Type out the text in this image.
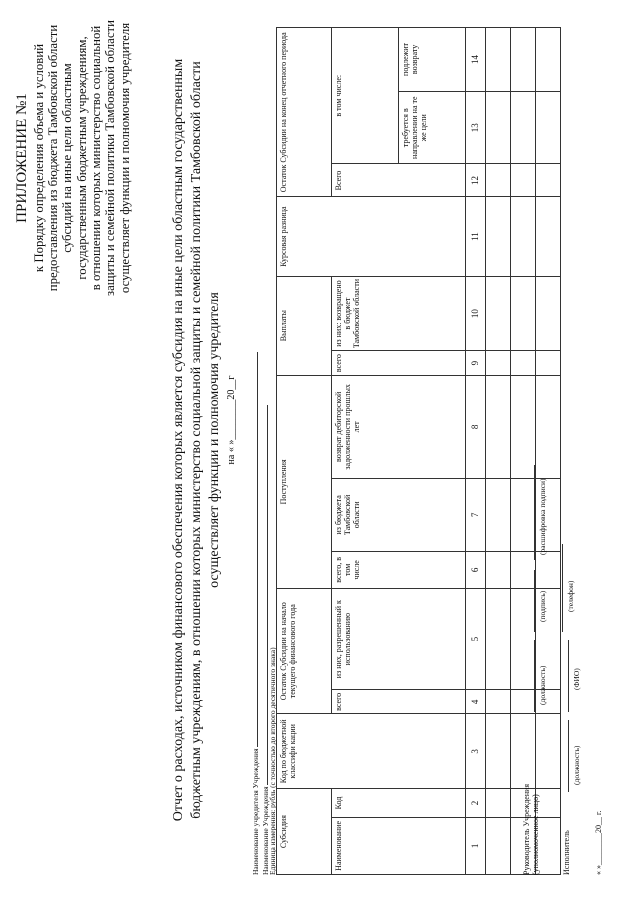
ПРИЛОЖЕНИЕ №1 к Порядку определения объема и условий предоставления из бюджета Тамбовской области субсидий на иные цели областным государственным бюджетным учреждениям, в отношении которых министерство социальной защиты и семейной политики Тамбовской области осуществляет функции и полномочия учредителя	Отчет о расходах, источником финансового обеспечения которых является субсидия на иные цели областным государственным бюджетным учреждениям, в отношении которых министерство социальной защиты и семейной политики Тамбовской области осуществляет функции и полномочия учредителя на « »________20__г
Наименование учредителя Учреждения Наименование Учреждения
Единица измерения: рубль (с точностью до второго десятичного знака) Субсидия		Код по бюджетной классифи кации	Остаток Субсидии на начало текущего финансового года		Поступления			Выплаты		Курсовая разница	Остаток Субсидии на конец отчетного периода		
Наименование	Код		всего	из них, разрешенный к использованию	всего, в том числе	из бюджета Тамбовской области	возврат дебиторской задолженности прошлых лет	всего	из них: возвращено в бюджет Тамбовской области		Всего	в том числе:	
												требуется в направлении на те же цели	подлежит возврату
1	2	3	4	5	6	7	8	9	10	11	12	13	14

Руководитель Учреждения (уполномоченное лицо)
(должность)
(подпись)
(расшифровка подписи)
Исполнитель
(должность)
(ФИО)
(телефон)
« »________20__ г.
